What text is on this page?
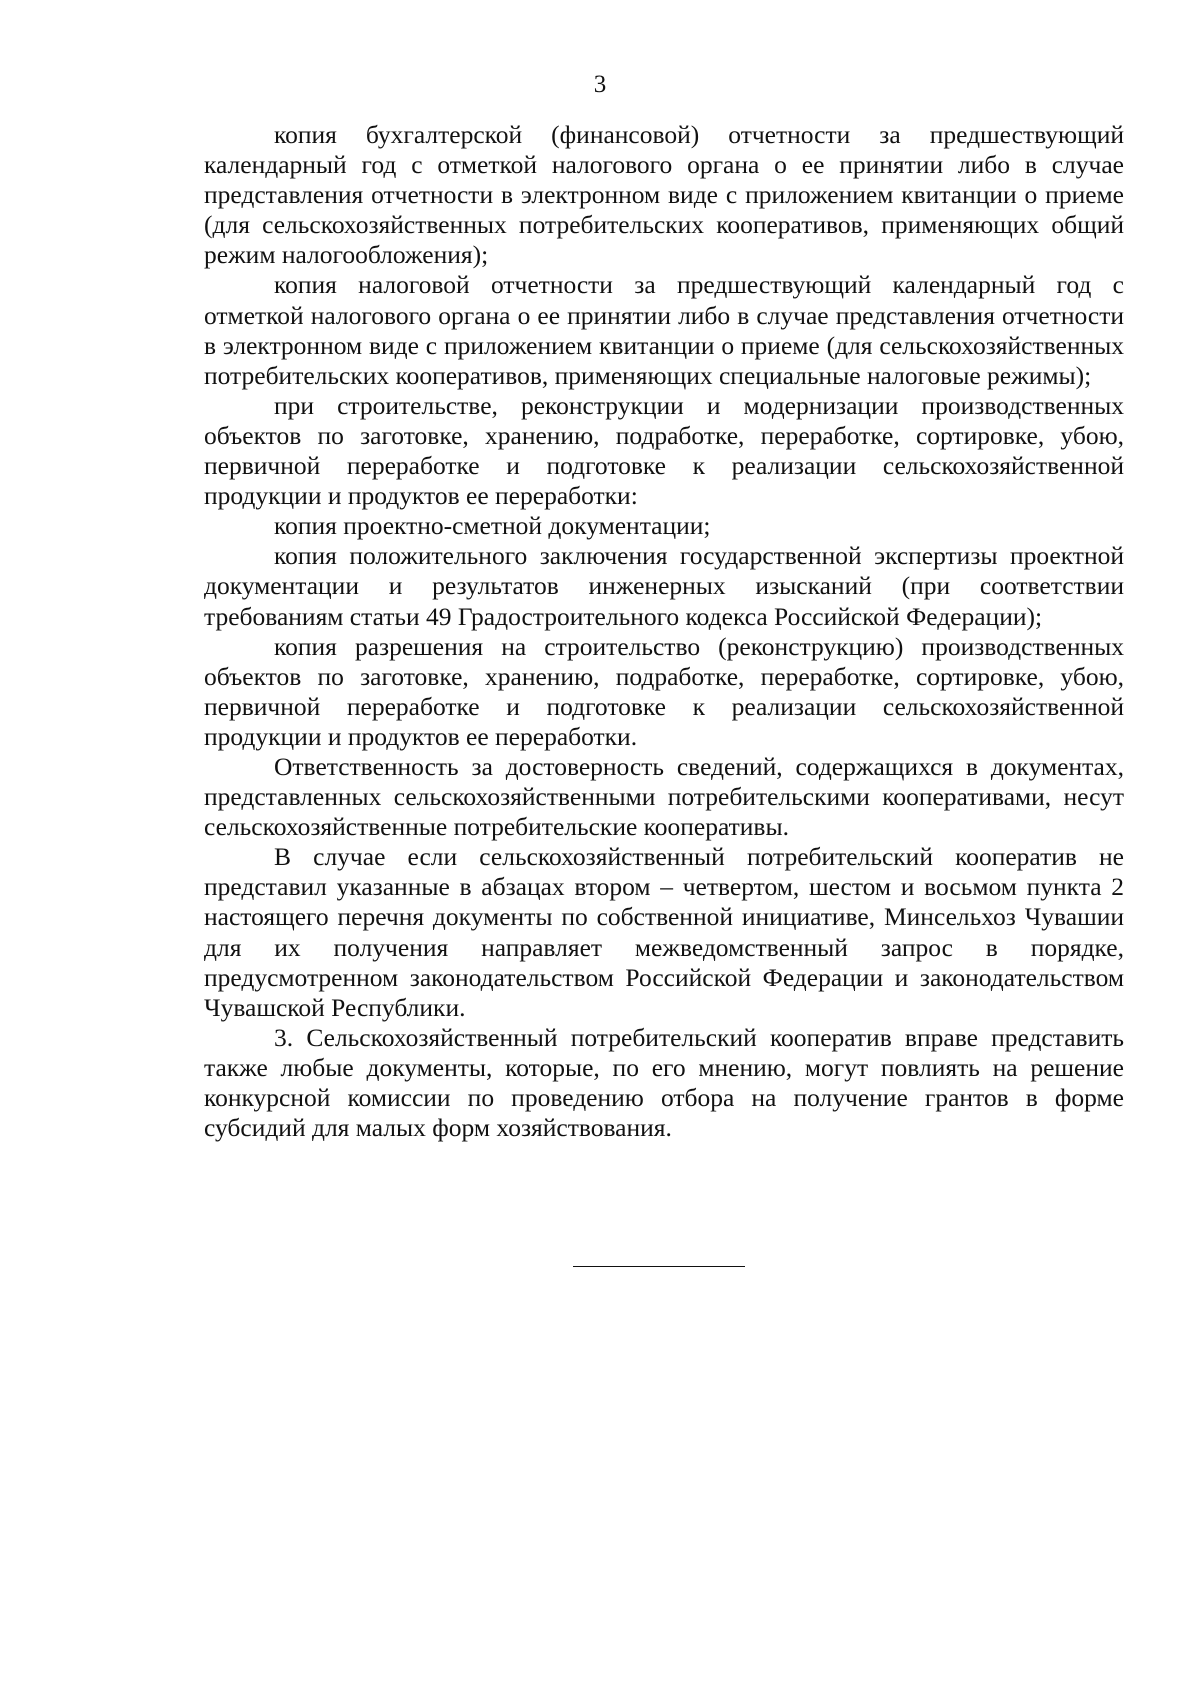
3

копия бухгалтерской (финансовой) отчетности за предшествующий календарный год с отметкой налогового органа о ее принятии либо в случае представления отчетности в электронном виде с приложением квитанции о приеме (для сельскохозяйственных потребительских кооперативов, применяющих общий режим налогообложения);

копия налоговой отчетности за предшествующий календарный год с отметкой налогового органа о ее принятии либо в случае представления отчетности в электронном виде с приложением квитанции о приеме (для сельскохозяйственных потребительских кооперативов, применяющих специальные налоговые режимы);

при строительстве, реконструкции и модернизации производственных объектов по заготовке, хранению, подработке, переработке, сортировке, убою, первичной переработке и подготовке к реализации сельскохозяйственной продукции и продуктов ее переработки:

копия проектно-сметной документации;

копия положительного заключения государственной экспертизы проектной документации и результатов инженерных изысканий (при соответствии требованиям статьи 49 Градостроительного кодекса Российской Федерации);

копия разрешения на строительство (реконструкцию) производственных объектов по заготовке, хранению, подработке, переработке, сортировке, убою, первичной переработке и подготовке к реализации сельскохозяйственной продукции и продуктов ее переработки.

Ответственность за достоверность сведений, содержащихся в документах, представленных сельскохозяйственными потребительскими кооперативами, несут сельскохозяйственные потребительские кооперативы.

В случае если сельскохозяйственный потребительский кооператив не представил указанные в абзацах втором – четвертом, шестом и восьмом пункта 2 настоящего перечня документы по собственной инициативе, Минсельхоз Чувашии для их получения направляет межведомственный запрос в порядке, предусмотренном законодательством Российской Федерации и законодательством Чувашской Республики.

3. Сельскохозяйственный потребительский кооператив вправе представить также любые документы, которые, по его мнению, могут повлиять на решение конкурсной комиссии по проведению отбора на получение грантов в форме субсидий для малых форм хозяйствования.
